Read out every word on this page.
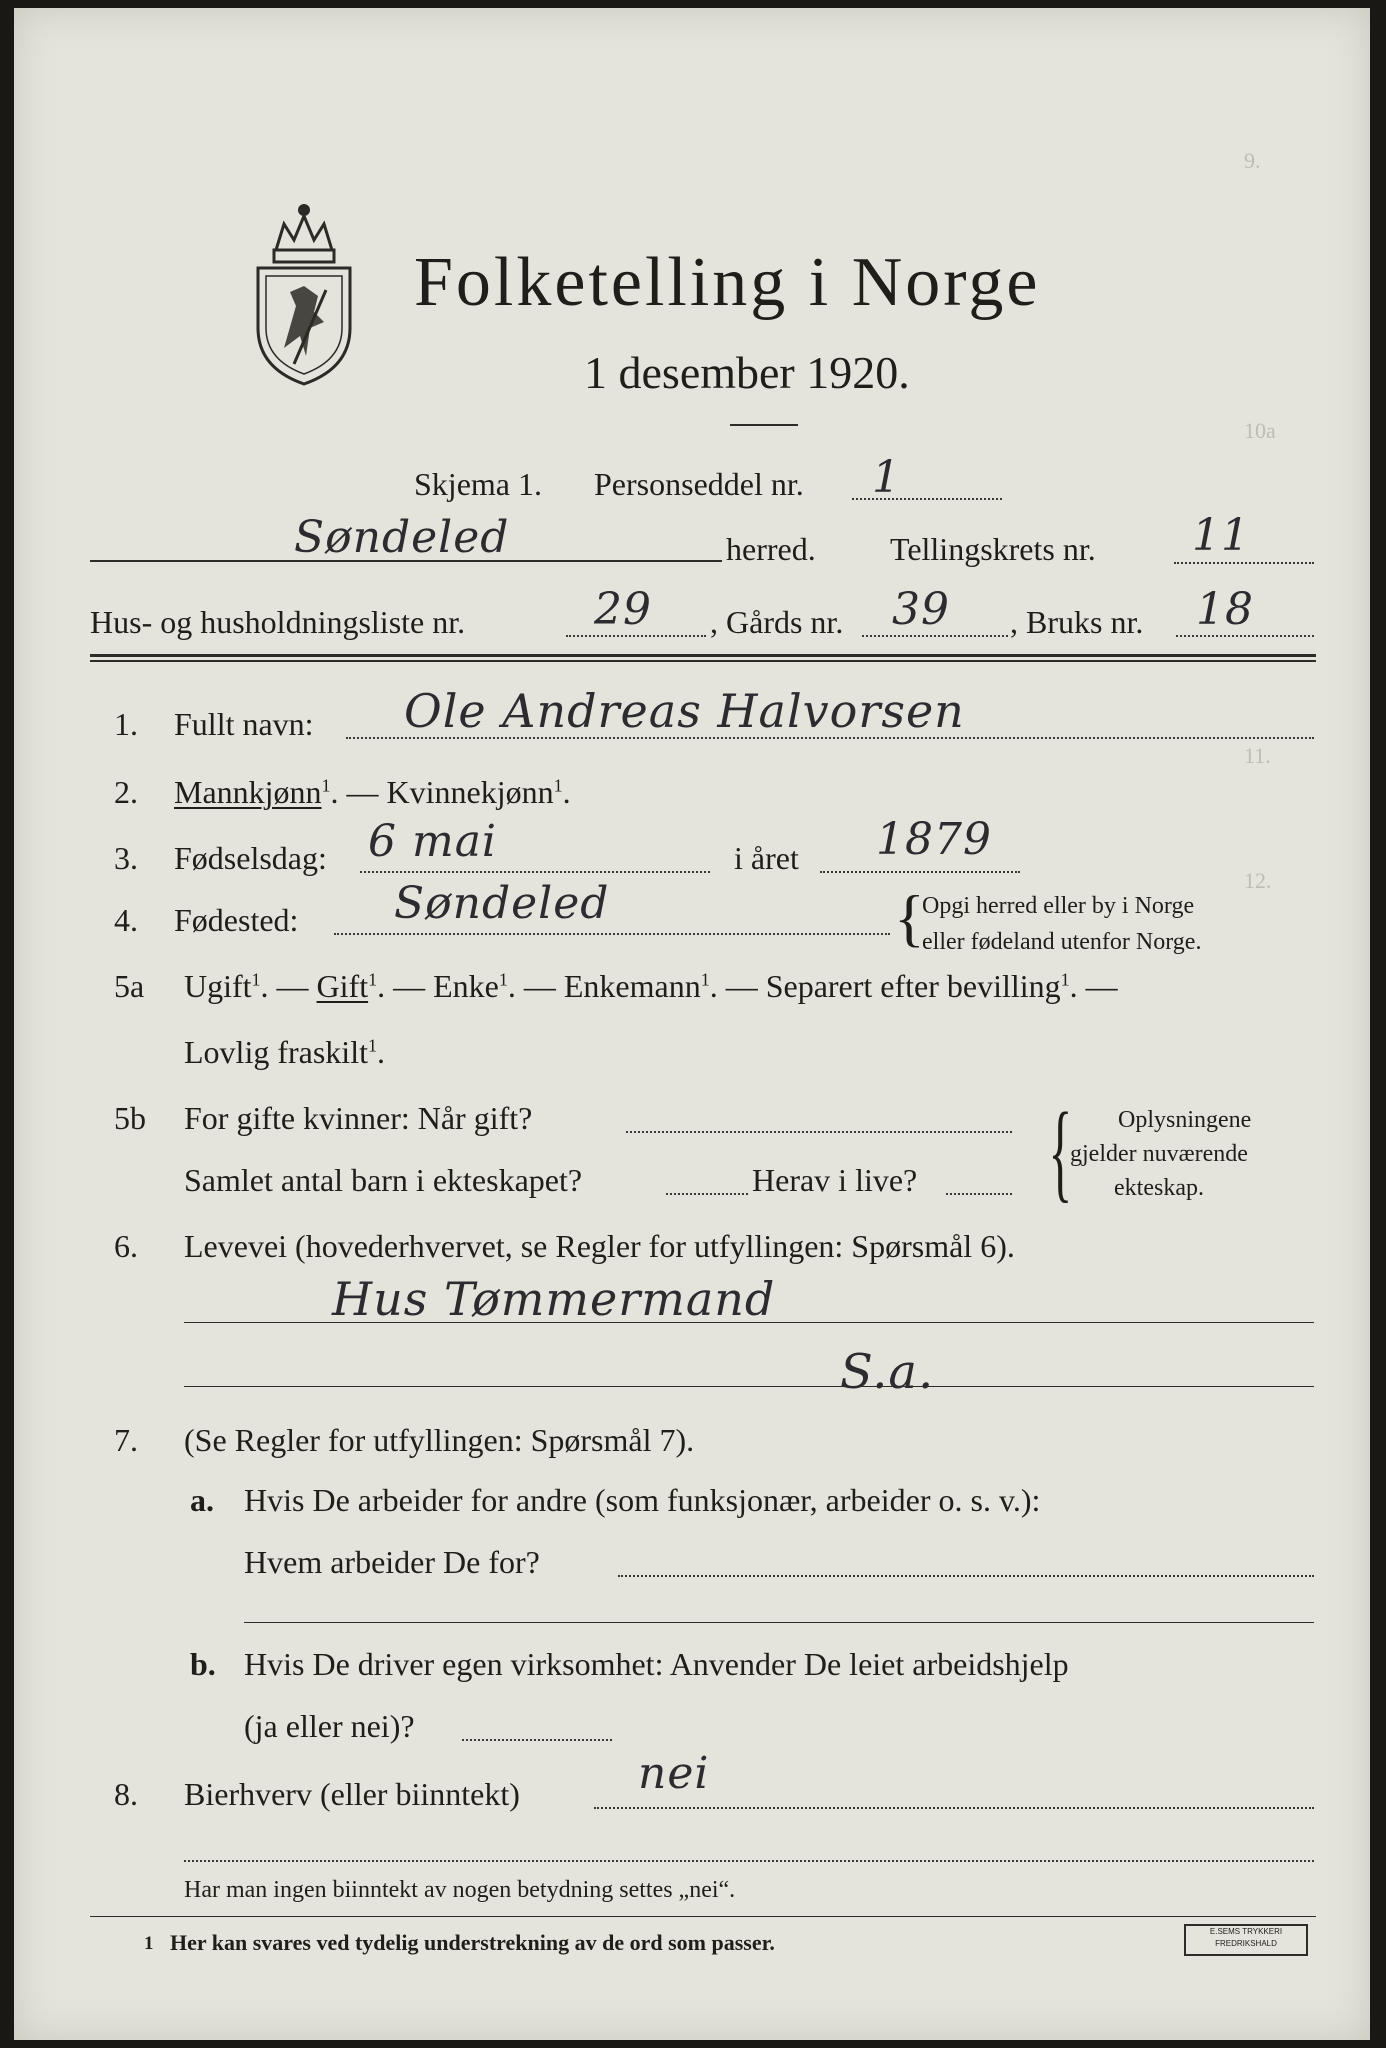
9.
10a
11.
12.
Folketelling i Norge
1 desember 1920.
Skjema 1. Personseddel nr. 1
Søndeled	herred. Tellingskrets nr. 11
Hus- og husholdningsliste nr.	29 , Gårds nr. 39 , Bruks nr. 18
1. Fullt navn: Ole Andreas Halvorsen
2. Mannkjønn$^1$. — Kvinnekjønn$^1$.
3. Fødselsdag: 6 mai	i året 1879
4. Fødested: Søndeled	{
Opgi herred eller by i Norge
eller fødeland utenfor Norge.
5a Ugift$^1$. — Gift$^1$. — Enke$^1$. — Enkemann$^1$. — Separert efter bevilling$^1$. —
Lovlig fraskilt$^1$.
5b For gifte kvinner: Når gift?
Samlet antal barn i ekteskapet?	Herav i live? { Oplysningene
gjelder nuværende
ekteskap.
6. Levevei (hovederhvervet, se Regler for utfyllingen: Spørsmål 6).
Hus Tømmermand
S.a.
7. (Se Regler for utfyllingen: Spørsmål 7).
a. Hvis De arbeider for andre (som funksjonær, arbeider o. s. v.):
Hvem arbeider De for?
b. Hvis De driver egen virksomhet: Anvender De leiet arbeidshjelp
(ja eller nei)?
8. Bierhverv (eller biinntekt)	nei
Har man ingen biinntekt av nogen betydning settes „nei“.
1 Her kan svares ved tydelig understrekning av de ord som passer.	E.SEMS TRYKKERI FREDRIKSHALD
